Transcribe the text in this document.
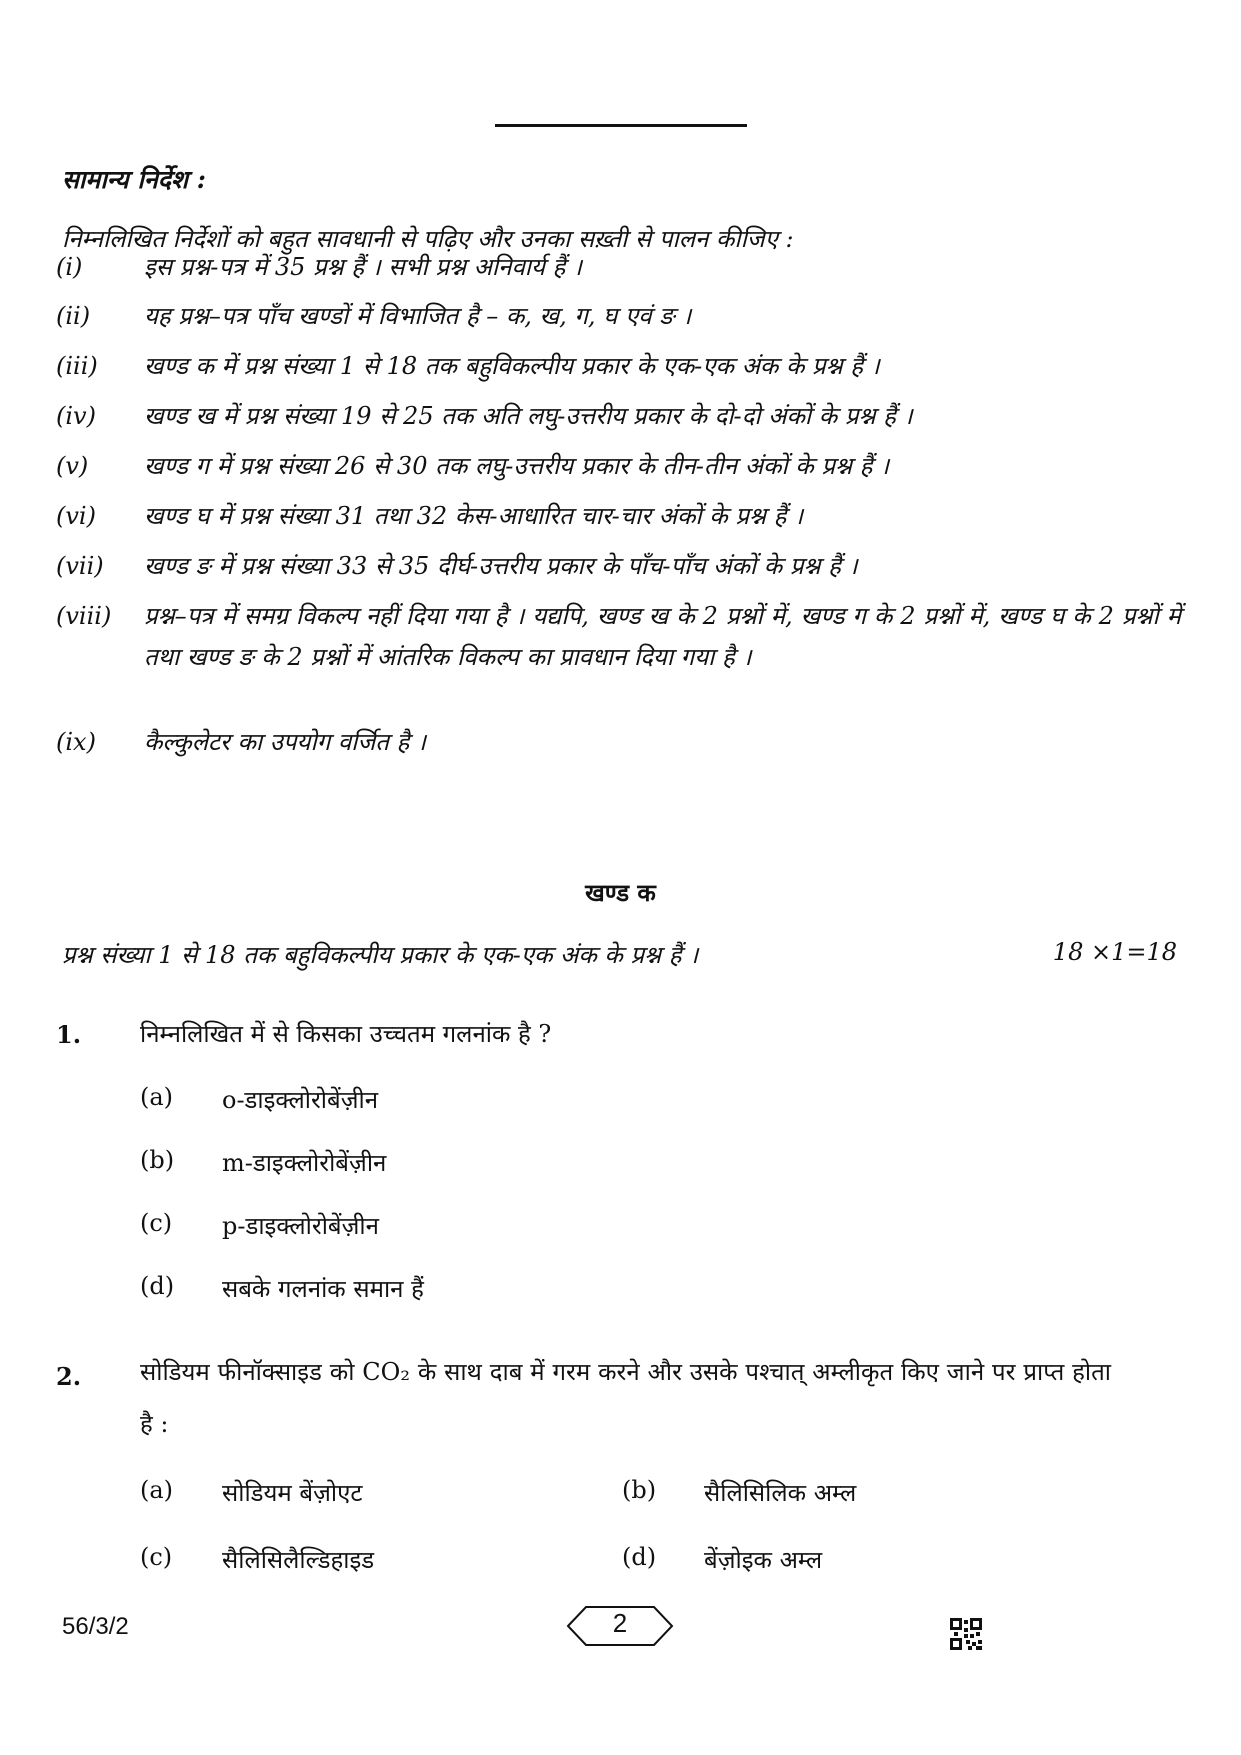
सामान्य निर्देश :
निम्नलिखित निर्देशों को बहुत सावधानी से पढ़िए और उनका सख़्ती से पालन कीजिए :
(i)	इस प्रश्न-पत्र में 35 प्रश्न हैं । सभी प्रश्न अनिवार्य हैं ।
(ii)	यह प्रश्न–पत्र पाँच खण्डों में विभाजित है – क, ख, ग, घ एवं ङ ।
(iii)	खण्ड क में प्रश्न संख्या 1 से 18 तक बहुविकल्पीय प्रकार के एक-एक अंक के प्रश्न हैं ।
(iv)	खण्ड ख में प्रश्न संख्या 19 से 25 तक अति लघु-उत्तरीय प्रकार के दो-दो अंकों के प्रश्न हैं ।
(v)	खण्ड ग में प्रश्न संख्या 26 से 30 तक लघु-उत्तरीय प्रकार के तीन-तीन अंकों के प्रश्न हैं ।
(vi)	खण्ड घ में प्रश्न संख्या 31 तथा 32 केस-आधारित चार-चार अंकों के प्रश्न हैं ।
(vii)	खण्ड ङ में प्रश्न संख्या 33 से 35 दीर्घ-उत्तरीय प्रकार के पाँच-पाँच अंकों के प्रश्न हैं ।
(viii)	प्रश्न–पत्र में समग्र विकल्प नहीं दिया गया है । यद्यपि, खण्ड ख के 2 प्रश्नों में, खण्ड ग के 2 प्रश्नों में, खण्ड घ के 2 प्रश्नों में तथा खण्ड ङ के 2 प्रश्नों में आंतरिक विकल्प का प्रावधान दिया गया है ।
(ix)	कैल्कुलेटर का उपयोग वर्जित है ।
खण्ड क
प्रश्न संख्या 1 से 18 तक बहुविकल्पीय प्रकार के एक-एक अंक के प्रश्न हैं ।	18 ×1=18
1. निम्नलिखित में से किसका उच्चतम गलनांक है ?
(a) o-डाइक्लोरोबेंज़ीन
(b) m-डाइक्लोरोबेंज़ीन
(c) p-डाइक्लोरोबेंज़ीन
(d) सबके गलनांक समान हैं
2. सोडियम फीनॉक्साइड को CO₂ के साथ दाब में गरम करने और उसके पश्चात् अम्लीकृत किए जाने पर प्राप्त होता है :
(a) सोडियम बेंज़ोएट	(b) सैलिसिलिक अम्ल
(c) सैलिसिलैल्डिहाइड	(d) बेंज़ोइक अम्ल
56/3/2	2
